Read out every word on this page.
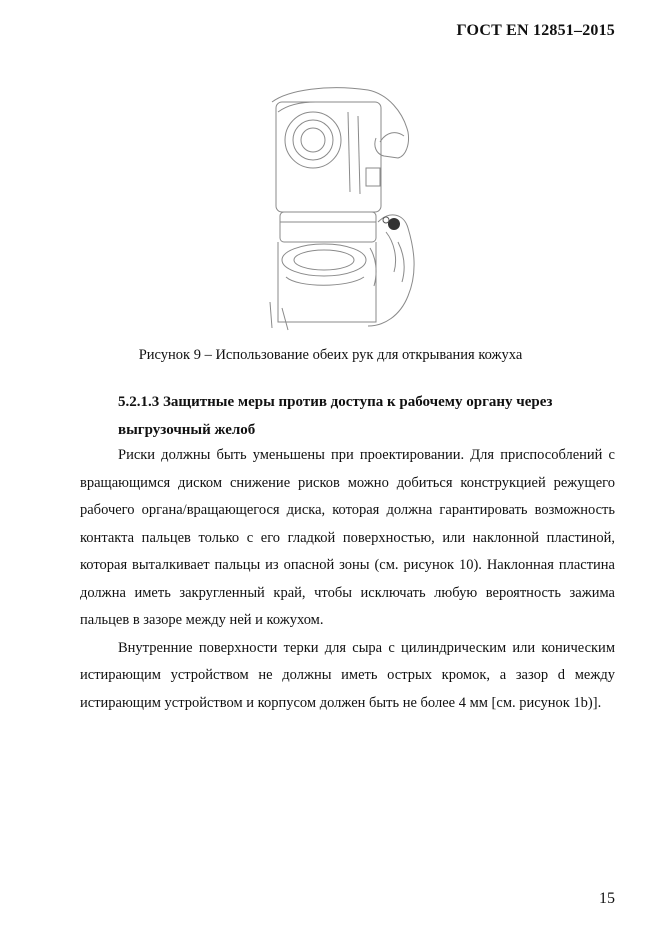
ГОСТ EN 12851–2015
Рисунок 9 – Использование обеих рук для открывания кожуха
5.2.1.3 Защитные меры против доступа к рабочему органу через выгрузочный желоб

Риски должны быть уменьшены при проектировании. Для приспособлений с вращающимся диском снижение рисков можно добиться конструкцией режущего рабочего органа/вращающегося диска, которая должна гарантировать возможность контакта пальцев только с его гладкой поверхностью, или наклонной пластиной, которая выталкивает пальцы из опасной зоны (см. рисунок 10). Наклонная пластина должна иметь закругленный край, чтобы исключать любую вероятность зажима пальцев в зазоре между ней и кожухом.

Внутренние поверхности терки для сыра с цилиндрическим или коническим истирающим устройством не должны иметь острых кромок, а зазор d между истирающим устройством и корпусом должен быть не более 4 мм [см. рисунок 1b)].

15
